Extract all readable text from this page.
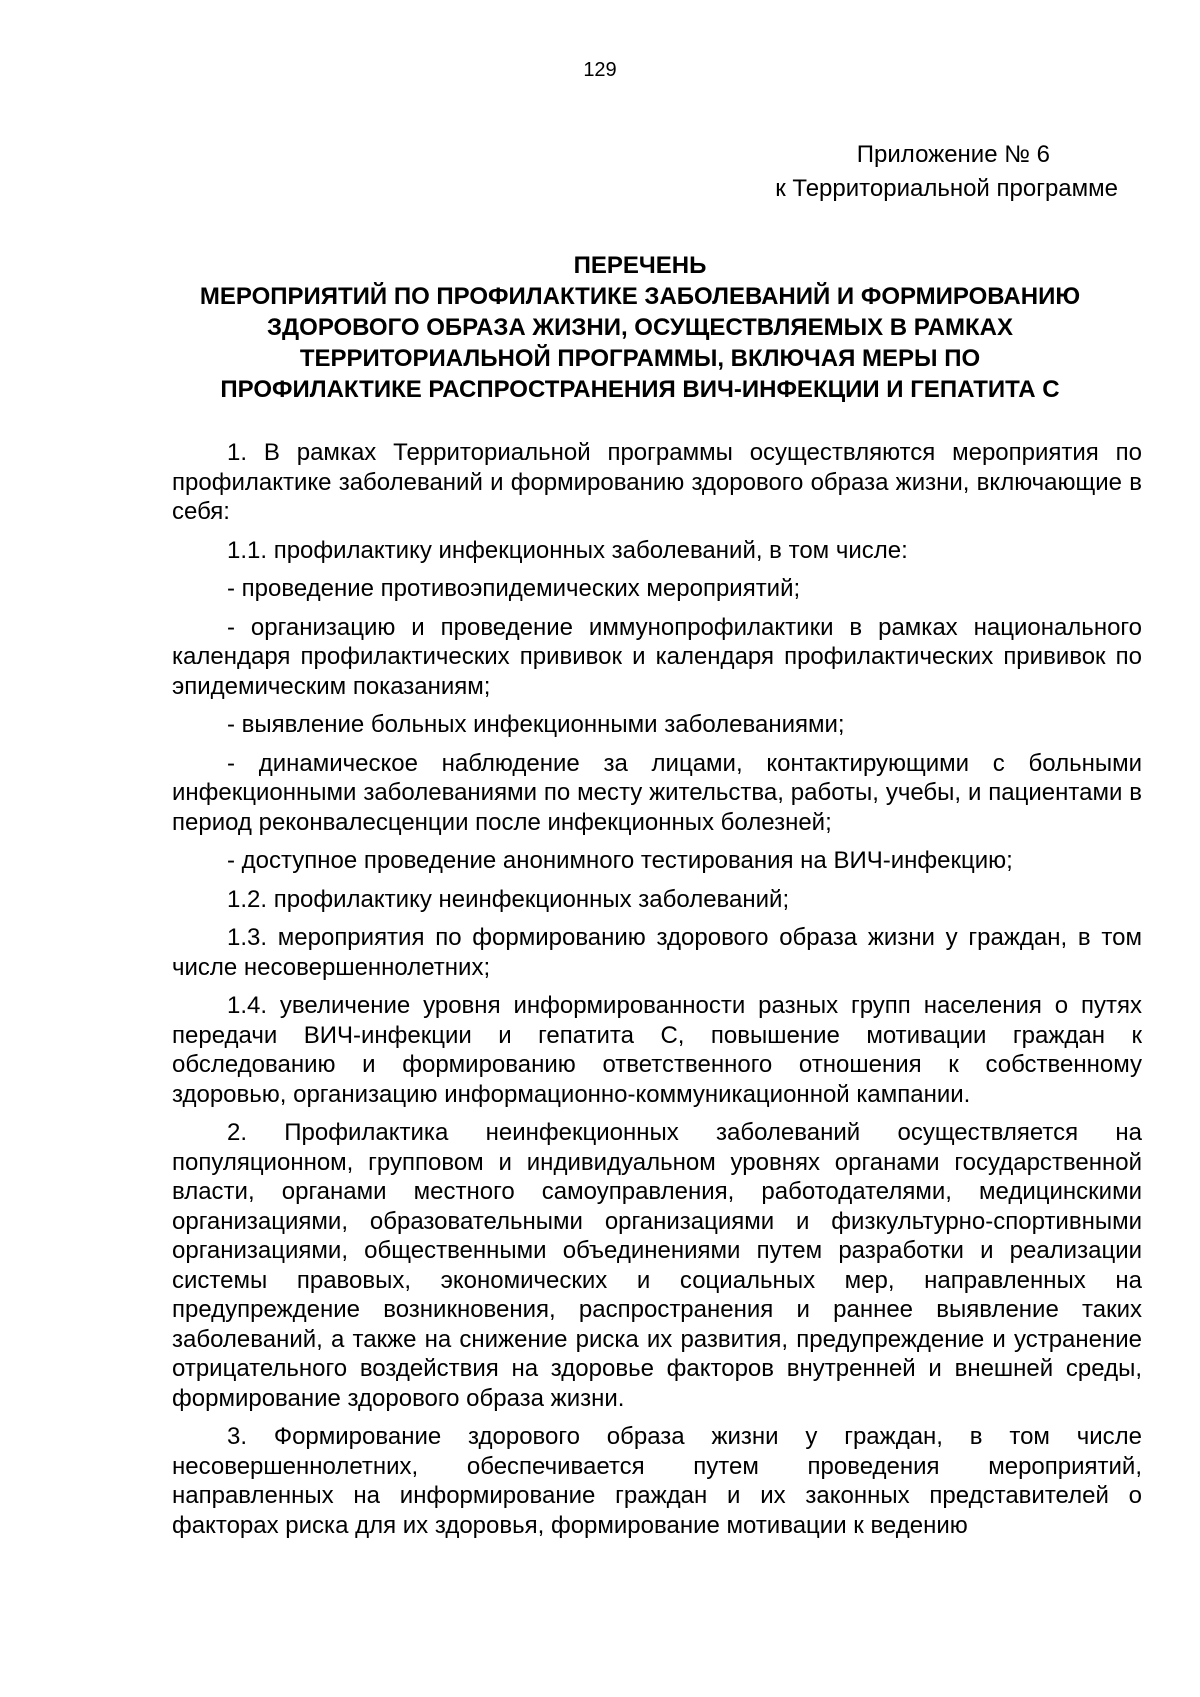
129
Приложение № 6
к Территориальной программе
ПЕРЕЧЕНЬ
МЕРОПРИЯТИЙ ПО ПРОФИЛАКТИКЕ ЗАБОЛЕВАНИЙ И ФОРМИРОВАНИЮ
ЗДОРОВОГО ОБРАЗА ЖИЗНИ, ОСУЩЕСТВЛЯЕМЫХ В РАМКАХ
ТЕРРИТОРИАЛЬНОЙ ПРОГРАММЫ, ВКЛЮЧАЯ МЕРЫ ПО
ПРОФИЛАКТИКЕ РАСПРОСТРАНЕНИЯ ВИЧ-ИНФЕКЦИИ И ГЕПАТИТА С

1. В рамках Территориальной программы осуществляются мероприятия по профилактике заболеваний и формированию здорового образа жизни, включающие в себя:

1.1. профилактику инфекционных заболеваний, в том числе:

- проведение противоэпидемических мероприятий;

- организацию и проведение иммунопрофилактики в рамках национального календаря профилактических прививок и календаря профилактических прививок по эпидемическим показаниям;

- выявление больных инфекционными заболеваниями;

- динамическое наблюдение за лицами, контактирующими с больными инфекционными заболеваниями по месту жительства, работы, учебы, и пациентами в период реконвалесценции после инфекционных болезней;

- доступное проведение анонимного тестирования на ВИЧ-инфекцию;

1.2. профилактику неинфекционных заболеваний;

1.3. мероприятия по формированию здорового образа жизни у граждан, в том числе несовершеннолетних;

1.4. увеличение уровня информированности разных групп населения о путях передачи ВИЧ-инфекции и гепатита С, повышение мотивации граждан к обследованию и формированию ответственного отношения к собственному здоровью, организацию информационно-коммуникационной кампании.

2. Профилактика неинфекционных заболеваний осуществляется на популяционном, групповом и индивидуальном уровнях органами государственной власти, органами местного самоуправления, работодателями, медицинскими организациями, образовательными организациями и физкультурно-спортивными организациями, общественными объединениями путем разработки и реализации системы правовых, экономических и социальных мер, направленных на предупреждение возникновения, распространения и раннее выявление таких заболеваний, а также на снижение риска их развития, предупреждение и устранение отрицательного воздействия на здоровье факторов внутренней и внешней среды, формирование здорового образа жизни.

3. Формирование здорового образа жизни у граждан, в том числе несовершеннолетних, обеспечивается путем проведения мероприятий, направленных на информирование граждан и их законных представителей о факторах риска для их здоровья, формирование мотивации к ведению
